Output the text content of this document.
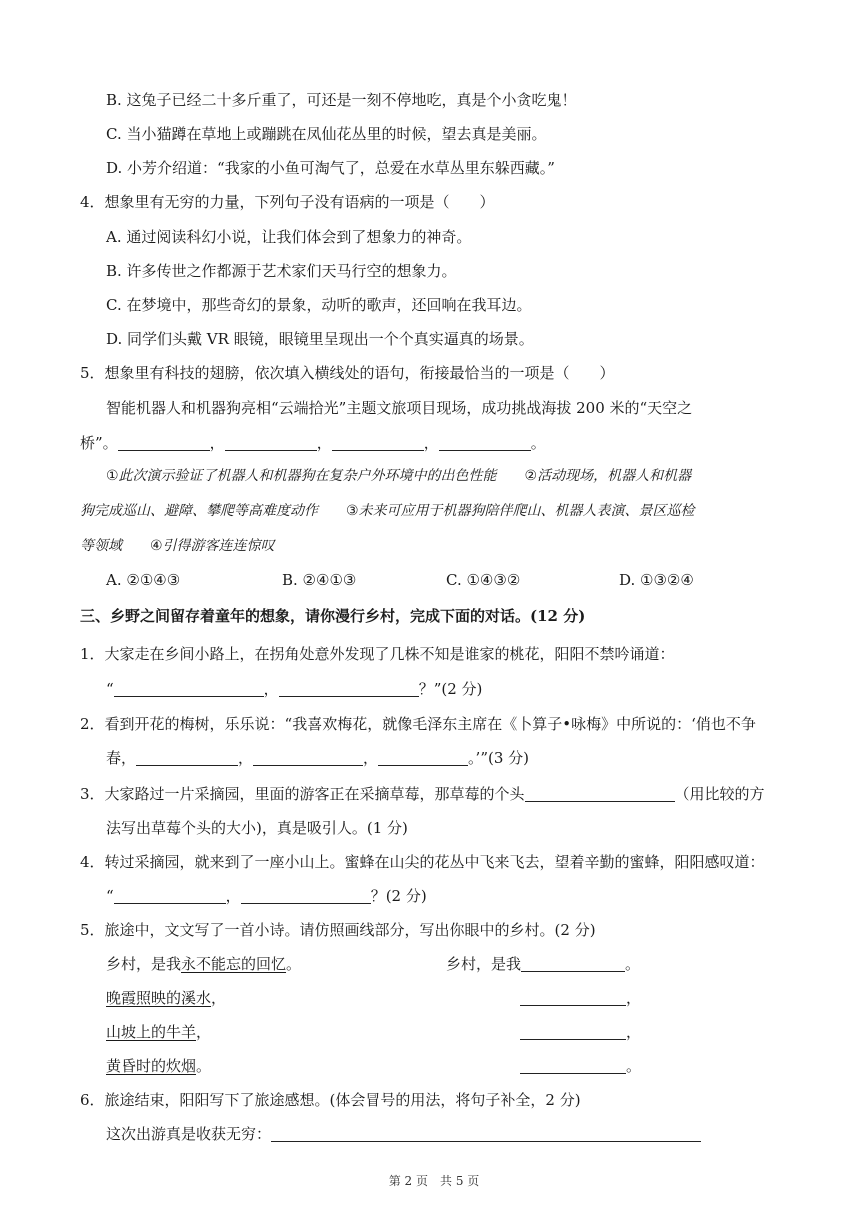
B. 这兔子已经二十多斤重了，可还是一刻不停地吃，真是个小贪吃鬼！
C. 当小猫蹲在草地上或蹦跳在凤仙花丛里的时候，望去真是美丽。
D. 小芳介绍道：“我家的小鱼可淘气了，总爱在水草丛里东躲西藏。”
4．想象里有无穷的力量，下列句子没有语病的一项是（　　）
A. 通过阅读科幻小说，让我们体会到了想象力的神奇。
B. 许多传世之作都源于艺术家们天马行空的想象力。
C. 在梦境中，那些奇幻的景象，动听的歌声，还回响在我耳边。
D. 同学们头戴 VR 眼镜，眼镜里呈现出一个个真实逼真的场景。
5．想象里有科技的翅膀，依次填入横线处的语句，衔接最恰当的一项是（　　）
智能机器人和机器狗亮相“云端拾光”主题文旅项目现场，成功挑战海拔 200 米的“天空之
桥”。	，	，	，	。
①此次演示验证了机器人和机器狗在复杂户外环境中的出色性能　　②活动现场，机器人和机器
狗完成巡山、避障、攀爬等高难度动作　　③未来可应用于机器狗陪伴爬山、机器人表演、景区巡检
等领域　　④引得游客连连惊叹
A. ②①④③	B. ②④①③	C. ①④③②	D. ①③②④
三、乡野之间留存着童年的想象，请你漫行乡村，完成下面的对话。(12 分)
1．大家走在乡间小路上，在拐角处意外发现了几株不知是谁家的桃花，阳阳不禁吟诵道：
“	，	？”(2 分)
2．看到开花的梅树，乐乐说：“我喜欢梅花，就像毛泽东主席在《卜算子•咏梅》中所说的：‘俏也不争
春，	，	，	。’”(3 分)
3．大家路过一片采摘园，里面的游客正在采摘草莓，那草莓的个头	（用比较的方
法写出草莓个头的大小)，真是吸引人。(1 分)
4．转过采摘园，就来到了一座小山上。蜜蜂在山尖的花丛中飞来飞去，望着辛勤的蜜蜂，阳阳感叹道：
“	，	？(2 分)
5．旅途中，文文写了一首小诗。请仿照画线部分，写出你眼中的乡村。(2 分)
乡村，是我永不能忘的回忆。	乡村，是我	。
晚霞照映的溪水，	，
山坡上的牛羊，	，
黄昏时的炊烟。	。
6．旅途结束，阳阳写下了旅途感想。(体会冒号的用法，将句子补全，2 分)
这次出游真是收获无穷：
第 2 页　共 5 页
